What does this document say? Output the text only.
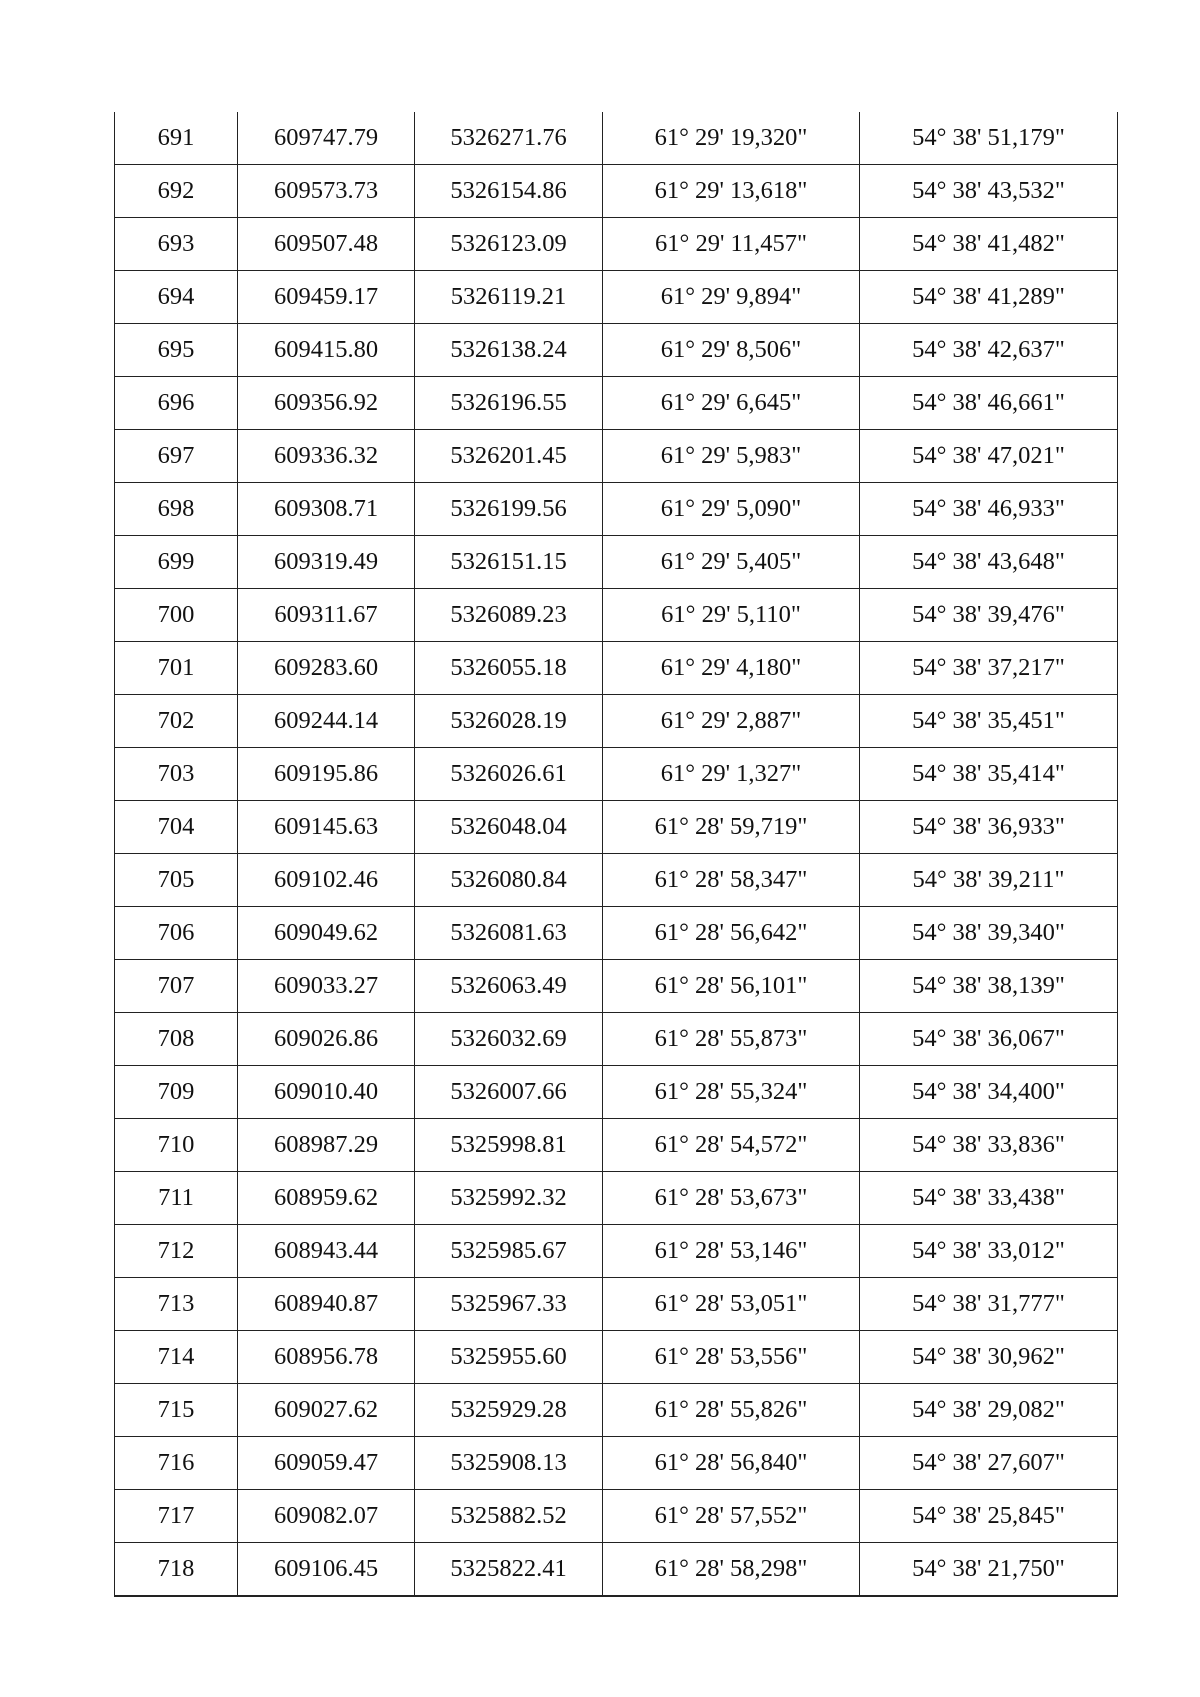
691	609747.79	5326271.76	61° 29' 19,320"	54° 38' 51,179"
692	609573.73	5326154.86	61° 29' 13,618"	54° 38' 43,532"
693	609507.48	5326123.09	61° 29' 11,457"	54° 38' 41,482"
694	609459.17	5326119.21	61° 29' 9,894"	54° 38' 41,289"
695	609415.80	5326138.24	61° 29' 8,506"	54° 38' 42,637"
696	609356.92	5326196.55	61° 29' 6,645"	54° 38' 46,661"
697	609336.32	5326201.45	61° 29' 5,983"	54° 38' 47,021"
698	609308.71	5326199.56	61° 29' 5,090"	54° 38' 46,933"
699	609319.49	5326151.15	61° 29' 5,405"	54° 38' 43,648"
700	609311.67	5326089.23	61° 29' 5,110"	54° 38' 39,476"
701	609283.60	5326055.18	61° 29' 4,180"	54° 38' 37,217"
702	609244.14	5326028.19	61° 29' 2,887"	54° 38' 35,451"
703	609195.86	5326026.61	61° 29' 1,327"	54° 38' 35,414"
704	609145.63	5326048.04	61° 28' 59,719"	54° 38' 36,933"
705	609102.46	5326080.84	61° 28' 58,347"	54° 38' 39,211"
706	609049.62	5326081.63	61° 28' 56,642"	54° 38' 39,340"
707	609033.27	5326063.49	61° 28' 56,101"	54° 38' 38,139"
708	609026.86	5326032.69	61° 28' 55,873"	54° 38' 36,067"
709	609010.40	5326007.66	61° 28' 55,324"	54° 38' 34,400"
710	608987.29	5325998.81	61° 28' 54,572"	54° 38' 33,836"
711	608959.62	5325992.32	61° 28' 53,673"	54° 38' 33,438"
712	608943.44	5325985.67	61° 28' 53,146"	54° 38' 33,012"
713	608940.87	5325967.33	61° 28' 53,051"	54° 38' 31,777"
714	608956.78	5325955.60	61° 28' 53,556"	54° 38' 30,962"
715	609027.62	5325929.28	61° 28' 55,826"	54° 38' 29,082"
716	609059.47	5325908.13	61° 28' 56,840"	54° 38' 27,607"
717	609082.07	5325882.52	61° 28' 57,552"	54° 38' 25,845"
718	609106.45	5325822.41	61° 28' 58,298"	54° 38' 21,750"
